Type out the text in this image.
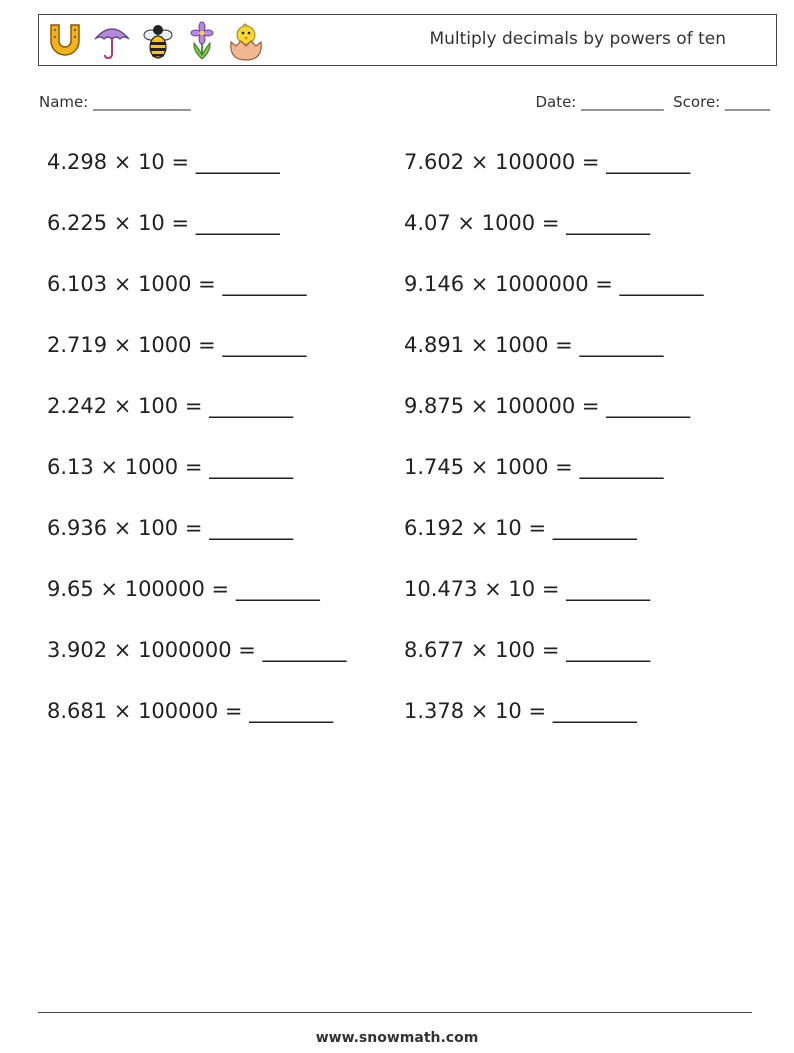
Multiply decimals by powers of ten
Name: _____________	Date: ___________  Score: ______
4.298 × 10 = ________
6.225 × 10 = ________
6.103 × 1000 = ________
2.719 × 1000 = ________
2.242 × 100 = ________
6.13 × 1000 = ________
6.936 × 100 = ________
9.65 × 100000 = ________
3.902 × 1000000 = ________
8.681 × 100000 = ________
7.602 × 100000 = ________
4.07 × 1000 = ________
9.146 × 1000000 = ________
4.891 × 1000 = ________
9.875 × 100000 = ________
1.745 × 1000 = ________
6.192 × 10 = ________
10.473 × 10 = ________
8.677 × 100 = ________
1.378 × 10 = ________
www.snowmath.com
